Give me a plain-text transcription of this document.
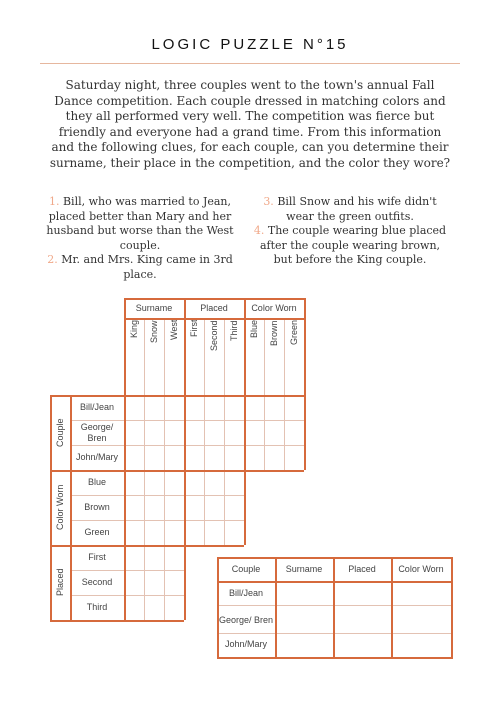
LOGIC PUZZLE N°15

Saturday night, three couples went to the town's annual Fall Dance competition. Each couple dressed in matching colors and they all performed very well. The competition was fierce but friendly and everyone had a grand time. From this information and the following clues, for each couple, can you determine their surname, their place in the competition, and the color they wore?

1. Bill, who was married to Jean, placed better than Mary and her husband but worse than the West couple.

2. Mr. and Mrs. King came in 3rd place.

3. Bill Snow and his wife didn't wear the green outfits.

4. The couple wearing blue placed after the couple wearing brown, but before the King couple.

Surname	Placed	Color Worn
King	Snow	West	First	Second	Third	Blue	Brown	Green
Couple
Color Worn
Placed
Bill/Jean
George/ Bren
John/Mary
Blue
Brown
Green
First
Second
Third
Couple	Surname	Placed	Color Worn
Bill/Jean
George/ Bren
John/Mary
